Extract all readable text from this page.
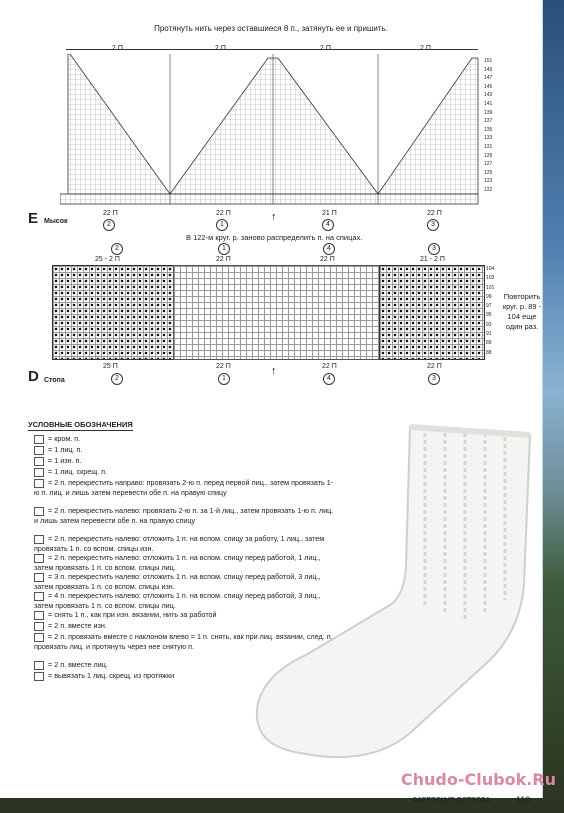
Протянуть нить через оставшиеся 8 п., затянуть ее и пришить.
2 П	2 П	2 П	2 П
151
149
147
145
143
141
139
137
135
133
131
129
127
125
123
122
E Мысок
22 П	22 П	21 П	22 П
↑
2	1	4	3
В 122-м круг. р. заново распределить п. на спицах.
2	1	4	3
25 - 2 П	22 П	22 П	21 - 2 П
104
103
101
99
97
95
93
91
89
88
Повторить круг. р. 89 - 104 еще один раз.
25 П	22 П	22 П	22 П
↑
2	1	4	3
D Стопа
УСЛОВНЫЕ ОБОЗНАЧЕНИЯ
= кром. п.
= 1 лиц. п.
= 1 изн. п.
= 1 лиц. скрещ. п.
= 2 п. перекрестить направо: провязать 2-ю п. перед первой лиц., затем провязать 1-ю п. лиц. и лишь затем перевести обе п. на правую спицу
= 2 п. перекрестить налево: провязать 2-ю п. за 1-й лиц., затем провязать 1-ю п. лиц. и лишь затем перевести обе п. на правую спицу
= 2 п. перекрестить налево: отложить 1 п. на вспом. спицу за работу, 1 лиц., затем провязать 1 п. со вспом. спицы изн.
= 2 п. перекрестить налево: отложить 1 п. на вспом. спицу перед работой, 1 лиц., затем провязать 1 п. со вспом. спицы лиц.
= 3 п. перекрестить налево: отложить 1 п. на вспом. спицу перед работой, 3 лиц., затем провязать 1 п. со вспом. спицы изн.
= 4 п. перекрестить налево: отложить 1 п. на вспом. спицу перед работой, 3 лиц., затем провязать 1 п. со вспом. спицы лиц.
= снять 1 п., как при изн. вязании, нить за работой
= 2 п. вместе изн.
= 2 п. провязать вместе с наклоном влево = 1 п. снять, как при лиц. вязании, след. п. провязать лиц. и протянуть через нее снятую п.
= 2 п. вместе лиц.
= вывязать 1 лиц. скрещ. из протяжки
ФАРЕРСКИЕ ОСТРОВА	119
Chudo-Clubok.Ru
